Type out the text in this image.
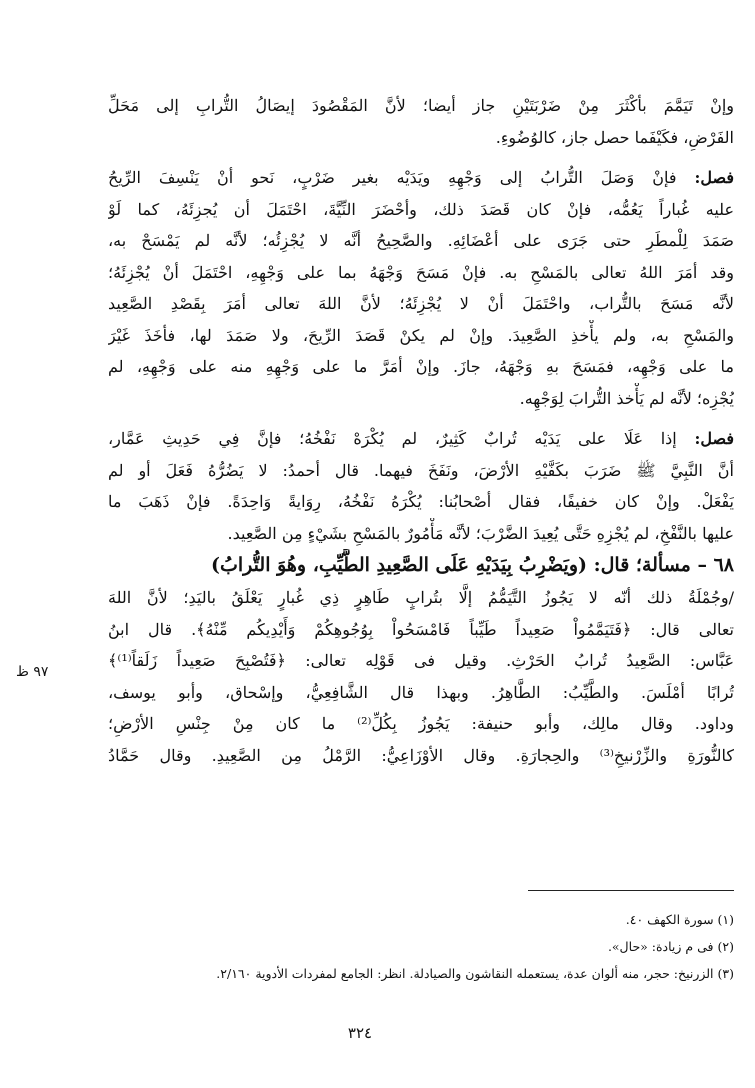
٩٧ ظ
وإنْ تَيَمَّمَ بأكْثَرَ مِنْ ضَرْبَتَيْنِ جاز أيضا؛ لأنَّ المَقْصُودَ إيصَالُ التُّرابِ إلى مَحَلِّ
الفَرْضِ، فكَيْفَما حصل جاز، كالوُضُوءِ.
فصل: فإنْ وَصَلَ التُّرابُ إلى وَجْهِهِ ويَدَيْه بغير ضَرْبٍ، نَحو أنْ يَنْسِفَ الرِّيحُ
عليه غُباراً يَعُمُّه، فإنْ كان قَصَدَ ذلك، وأحْضَرَ النِّيَّةَ، احْتَمَلَ أن يُجزِئَهُ، كما لَوْ
صَمَدَ لِلْمطَرِ حتى جَرَى على أعْضَائِهِ. والصَّحِيحُ أنَّه لا يُجْزِئُه؛ لأنَّه لم يَمْسَحْ به،
وقد أمَرَ اللهُ تعالى بالمَسْحِ به. فإنْ مَسَحَ وَجْهَهُ بما على وَجْهِهِ، احْتَمَلَ أنْ يُجْزِئَهُ؛
لأنَّه مَسَحَ بالتُّراب، واحْتَمَلَ أنْ لا يُجْزِئَهُ؛ لأنَّ اللهَ تعالى أمَرَ بِقَصْدِ الصَّعِيد
والمَسْحِ به، ولم يأْخذِ الصَّعِيدَ. وإنْ لم يكنْ قَصَدَ الرِّيحَ، ولا صَمَدَ لها، فأخَذَ غَيْرَ
ما على وَجْهِه، فمَسَحَ بهِ وَجْهَهُ، جازَ. وإنْ أمَرَّ ما على وَجْهِهِ منه على وَجْهِهِ، لم
يُجْزِه؛ لأنَّه لم يَأْخذ التُّرابَ لِوَجْهِه.
فصل: إذا عَلَا على يَدَيْه تُرابٌ كَثِيرٌ، لم يُكْرَهْ نَفْخُهُ؛ فإنَّ فِي حَدِيثِ عَمَّار،
أنَّ النَّبِيَّ ﷺ ضَرَبَ بكَفَّيْهِ الأرْضَ، ونَفَخَ فيهما. قال أحمدُ: لا يَضُرُّهُ فَعَلَ أو لم
يَفْعَلْ. وإنْ كان خفيفًا، فقال أصْحابُنا: يُكْرَهُ نَفْخُهُ، رِوَايةً وَاحِدَةً. فإنْ ذَهَبَ ما
عليها بالنَّفْخِ، لم يُجْزِهِ حَتَّى يُعِيدَ الضَّرْبَ؛ لأنَّه مَأْمُورٌ بالمَسْحِ بشَيْءٍ مِن الصَّعِيد.
٦٨ – مسألة؛ قال: (ويَضْرِبُ بِيَدَيْهِ عَلَى الصَّعِيدِ الطَّيِّبِ، وهُوَ التُّرابُ)
/وجُمْلَةُ ذلك أنّه لا يَجُوزُ التَّيَمُّمُ إلَّا بتُرابٍ طَاهِرٍ ذِي غُبارٍ يَعْلَقُ باليَدِ؛ لأنَّ اللهَ
تعالى قال: ﴿فَتَيَمَّمُواْ صَعِيداً طَيِّباً فَامْسَحُواْ بِوُجُوهِكُمْ وَأَيْدِيكُم مِّنْهُ﴾. قال ابنُ
عَبَّاس: الصَّعِيدُ تُرابُ الحَرْثِ. وقيل فى قَوْلِه تعالى: ﴿فَتُصْبِحَ صَعِيداً زَلَقاً⁽¹⁾﴾
تُرابًا أمْلَسَ. والطَّيِّبُ: الطَّاهِرُ. وبهذا قال الشَّافِعِيُّ، وإسْحاق، وأبو يوسف،
وداود. وقال مالِك، وأبو حنيفة: يَجُوزُ بِكُلِّ⁽²⁾ ما كان مِنْ جِنْسِ الأرْضِ؛
كالنُّورَةِ والزِّرْنيخِ⁽³⁾ والحِجارَةِ. وقال الأوْزَاعِيُّ: الرَّمْلُ مِن الصَّعِيدِ. وقال حَمَّادُ
(١) سورة الكهف ٤٠.
(٢) فى م زيادة: «حال».
(٣) الزرنيخ: حجر، منه ألوان عدة، يستعمله النقاشون والصيادلة. انظر: الجامع لمفردات الأدوية ٢/١٦٠.
٣٢٤
